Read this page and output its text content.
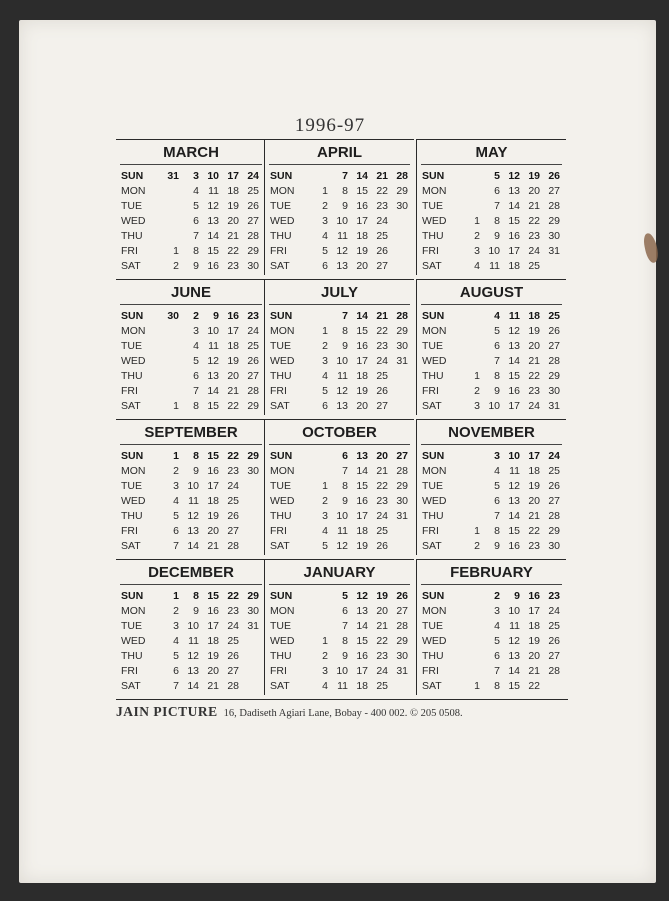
1996-97
MARCH
SUN	31	3	10	17	24
MON		4	11	18	25
TUE		5	12	19	26
WED		6	13	20	27
THU		7	14	21	28
FRI	1	8	15	22	29
SAT	2	9	16	23	30
APRIL
SUN		7	14	21	28
MON	1	8	15	22	29
TUE	2	9	16	23	30
WED	3	10	17	24	
THU	4	11	18	25	
FRI	5	12	19	26	
SAT	6	13	20	27	
MAY
SUN		5	12	19	26
MON		6	13	20	27
TUE		7	14	21	28
WED	1	8	15	22	29
THU	2	9	16	23	30
FRI	3	10	17	24	31
SAT	4	11	18	25	
JUNE
SUN	30	2	9	16	23
MON		3	10	17	24
TUE		4	11	18	25
WED		5	12	19	26
THU		6	13	20	27
FRI		7	14	21	28
SAT	1	8	15	22	29
JULY
SUN		7	14	21	28
MON	1	8	15	22	29
TUE	2	9	16	23	30
WED	3	10	17	24	31
THU	4	11	18	25	
FRI	5	12	19	26	
SAT	6	13	20	27	
AUGUST
SUN		4	11	18	25
MON		5	12	19	26
TUE		6	13	20	27
WED		7	14	21	28
THU	1	8	15	22	29
FRI	2	9	16	23	30
SAT	3	10	17	24	31
SEPTEMBER
SUN	1	8	15	22	29
MON	2	9	16	23	30
TUE	3	10	17	24	
WED	4	11	18	25	
THU	5	12	19	26	
FRI	6	13	20	27	
SAT	7	14	21	28	
OCTOBER
SUN		6	13	20	27
MON		7	14	21	28
TUE	1	8	15	22	29
WED	2	9	16	23	30
THU	3	10	17	24	31
FRI	4	11	18	25	
SAT	5	12	19	26	
NOVEMBER
SUN		3	10	17	24
MON		4	11	18	25
TUE		5	12	19	26
WED		6	13	20	27
THU		7	14	21	28
FRI	1	8	15	22	29
SAT	2	9	16	23	30
DECEMBER
SUN	1	8	15	22	29
MON	2	9	16	23	30
TUE	3	10	17	24	31
WED	4	11	18	25	
THU	5	12	19	26	
FRI	6	13	20	27	
SAT	7	14	21	28	
JANUARY
SUN		5	12	19	26
MON		6	13	20	27
TUE		7	14	21	28
WED	1	8	15	22	29
THU	2	9	16	23	30
FRI	3	10	17	24	31
SAT	4	11	18	25	
FEBRUARY
SUN		2	9	16	23
MON		3	10	17	24
TUE		4	11	18	25
WED		5	12	19	26
THU		6	13	20	27
FRI		7	14	21	28
SAT	1	8	15	22	
JAIN PICTURE 16, Dadiseth Agiari Lane, Bobay - 400 002. © 205 0508.
